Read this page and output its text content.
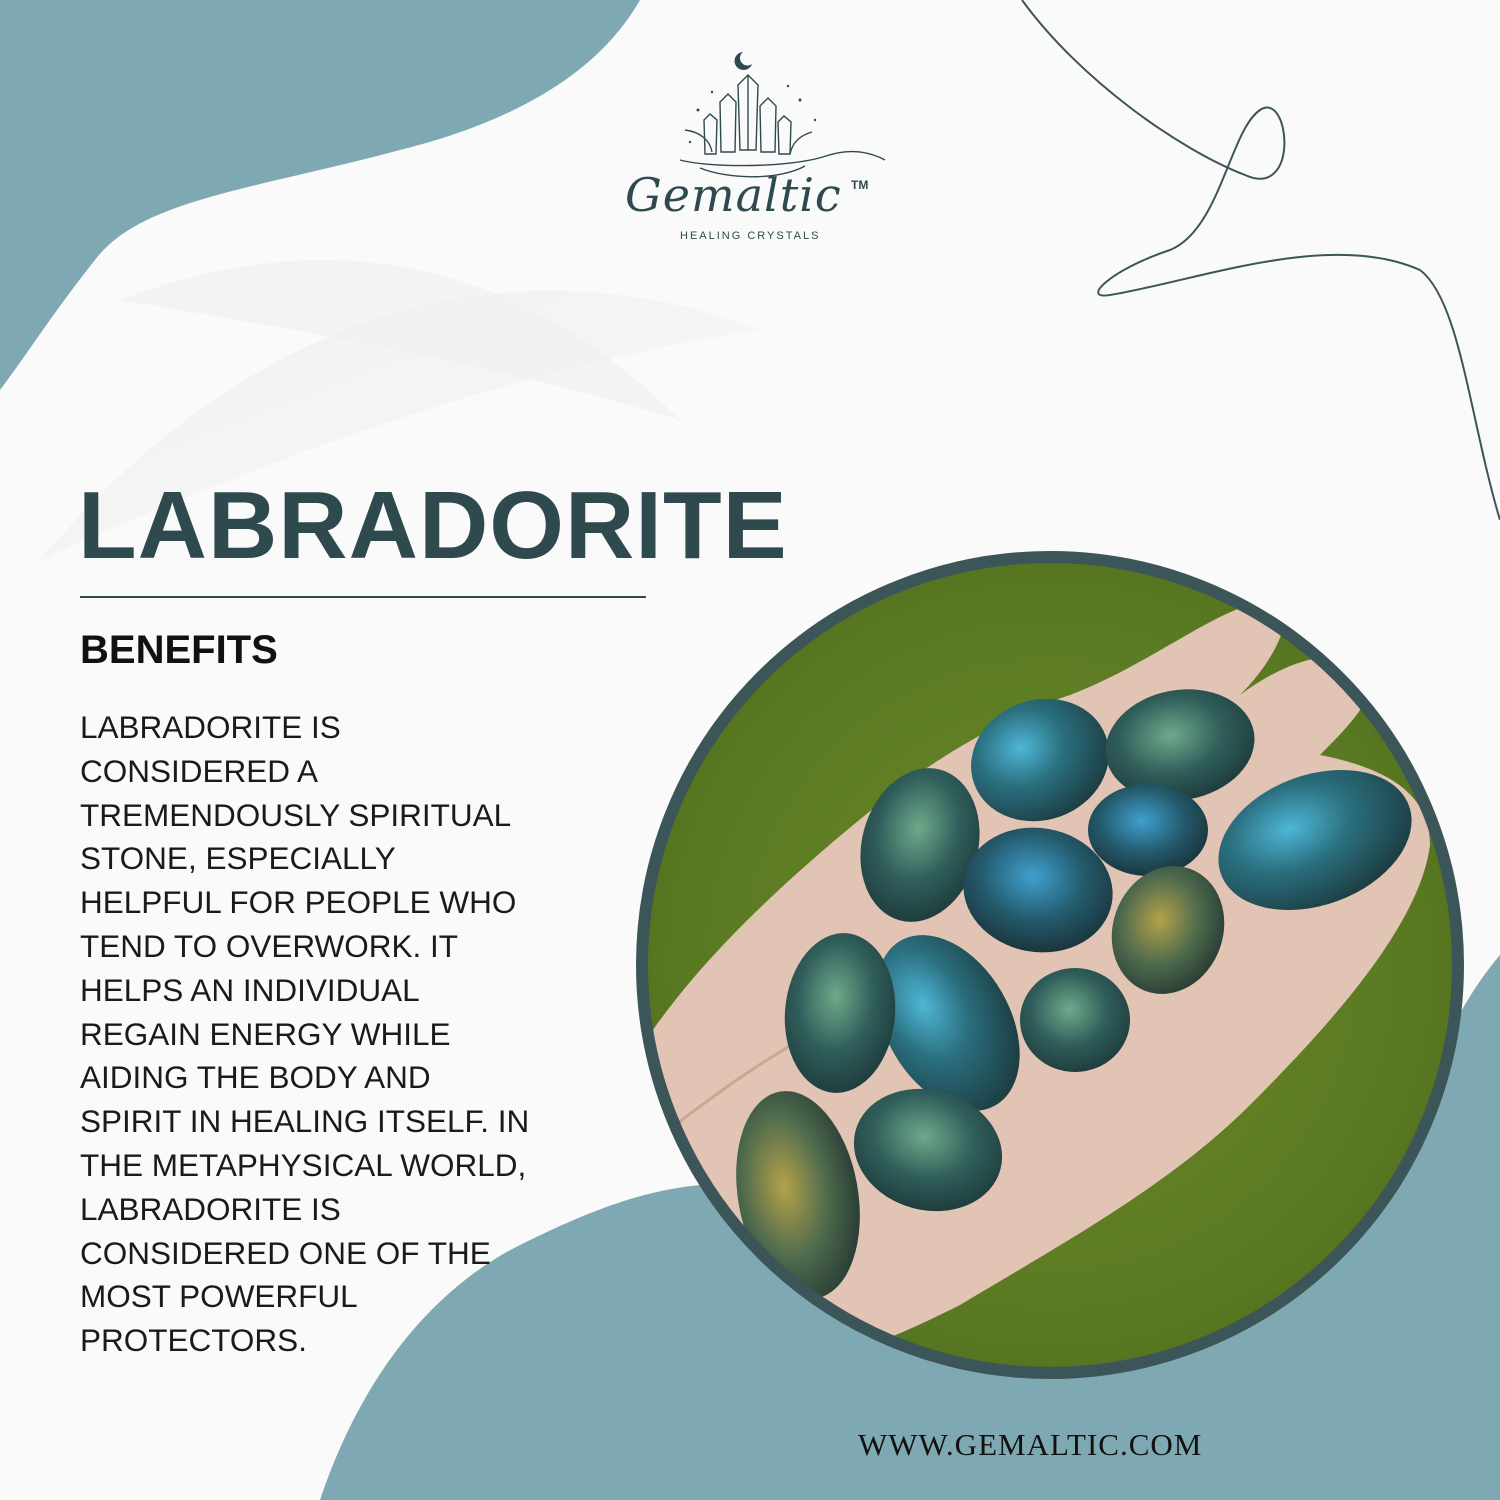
Gemaltic TM
HEALING CRYSTALS
LABRADORITE
BENEFITS

LABRADORITE IS
CONSIDERED A
TREMENDOUSLY SPIRITUAL
STONE, ESPECIALLY
HELPFUL FOR PEOPLE WHO
TEND TO OVERWORK. IT
HELPS AN INDIVIDUAL
REGAIN ENERGY WHILE
AIDING THE BODY AND
SPIRIT IN HEALING ITSELF. IN
THE METAPHYSICAL WORLD,
LABRADORITE IS
CONSIDERED ONE OF THE
MOST POWERFUL
PROTECTORS.

WWW.GEMALTIC.COM
